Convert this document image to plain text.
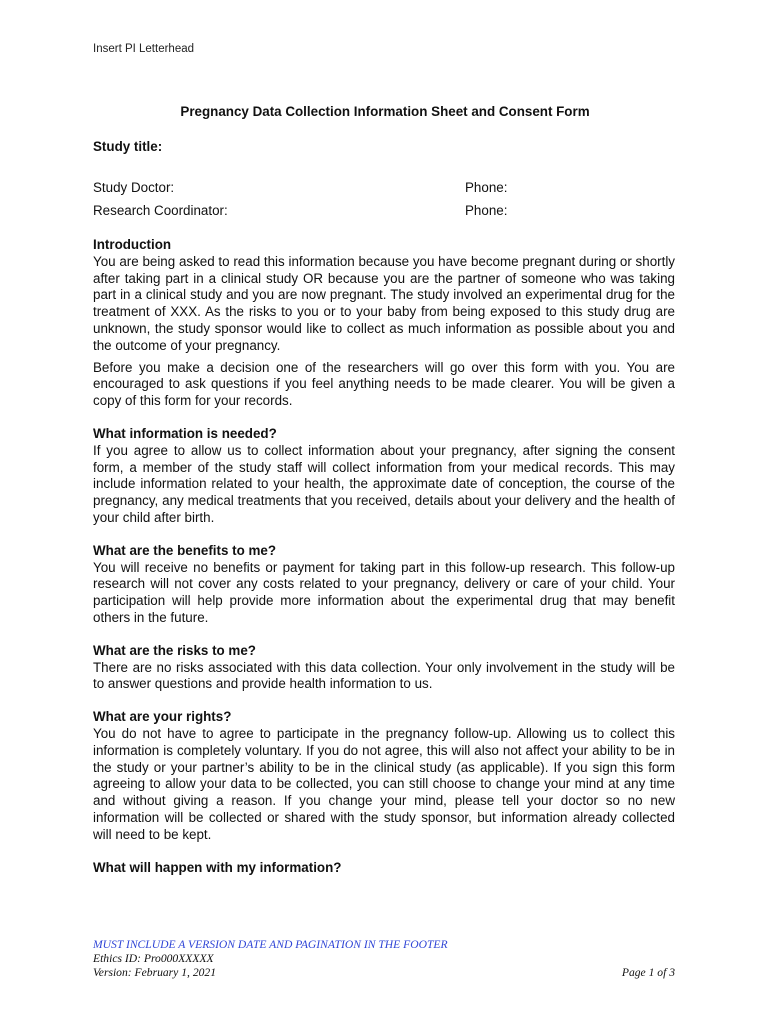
Insert PI Letterhead
Pregnancy Data Collection Information Sheet and Consent Form
Study title:
Study Doctor:	Phone:
Research Coordinator:	Phone:

Introduction

You are being asked to read this information because you have become pregnant during or shortly after taking part in a clinical study OR because you are the partner of someone who was taking part in a clinical study and you are now pregnant. The study involved an experimental drug for the treatment of XXX. As the risks to you or to your baby from being exposed to this study drug are unknown, the study sponsor would like to collect as much information as possible about you and the outcome of your pregnancy.

Before you make a decision one of the researchers will go over this form with you. You are encouraged to ask questions if you feel anything needs to be made clearer. You will be given a copy of this form for your records.

What information is needed?

If you agree to allow us to collect information about your pregnancy, after signing the consent form, a member of the study staff will collect information from your medical records. This may include information related to your health, the approximate date of conception, the course of the pregnancy, any medical treatments that you received, details about your delivery and the health of your child after birth.

What are the benefits to me?

You will receive no benefits or payment for taking part in this follow-up research. This follow-up research will not cover any costs related to your pregnancy, delivery or care of your child. Your participation will help provide more information about the experimental drug that may benefit others in the future.

What are the risks to me?

There are no risks associated with this data collection. Your only involvement in the study will be to answer questions and provide health information to us.

What are your rights?

You do not have to agree to participate in the pregnancy follow-up. Allowing us to collect this information is completely voluntary. If you do not agree, this will also not affect your ability to be in the study or your partner’s ability to be in the clinical study (as applicable). If you sign this form agreeing to allow your data to be collected, you can still choose to change your mind at any time and without giving a reason. If you change your mind, please tell your doctor so no new information will be collected or shared with the study sponsor, but information already collected will need to be kept.

What will happen with my information?

MUST INCLUDE A VERSION DATE AND PAGINATION IN THE FOOTER
Ethics ID: Pro000XXXXX
Version: February 1, 2021	Page 1 of 3
